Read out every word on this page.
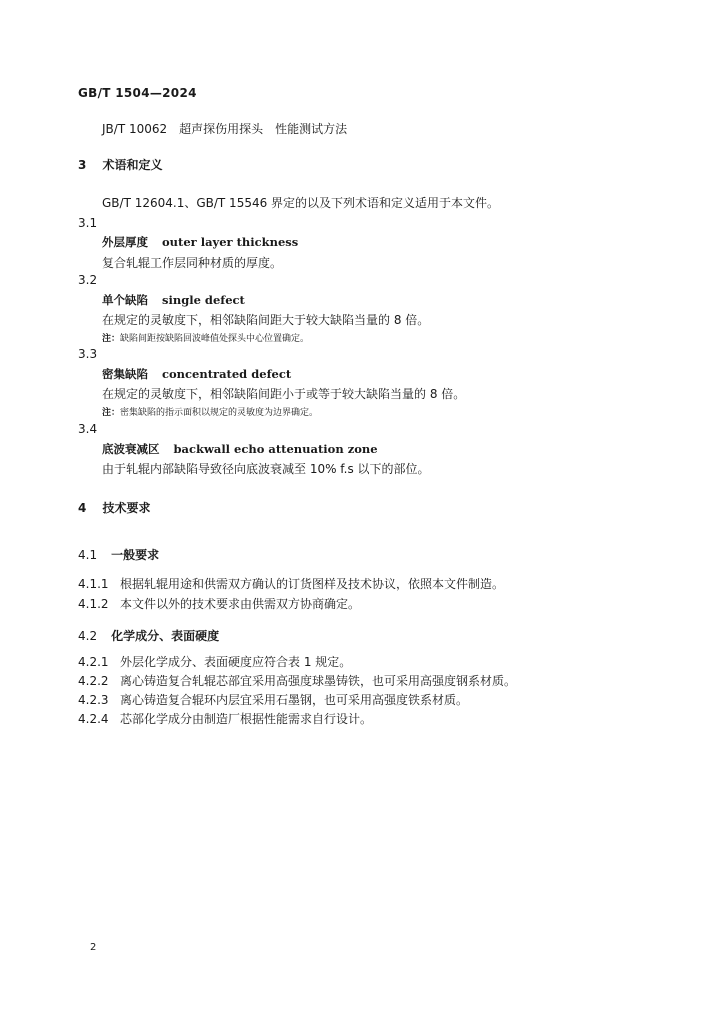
GB/T 1504—2024
JB/T 10062　超声探伤用探头　性能测试方法
3 术语和定义
GB/T 12604.1、GB/T 15546 界定的以及下列术语和定义适用于本文件。
3.1
外层厚度 outer layer thickness
复合轧辊工作层同种材质的厚度。
3.2
单个缺陷 single defect
在规定的灵敏度下，相邻缺陷间距大于较大缺陷当量的 8 倍。
注：缺陷间距按缺陷回波峰值处探头中心位置确定。
3.3
密集缺陷 concentrated defect
在规定的灵敏度下，相邻缺陷间距小于或等于较大缺陷当量的 8 倍。
注：密集缺陷的指示面积以规定的灵敏度为边界确定。
3.4
底波衰减区 backwall echo attenuation zone
由于轧辊内部缺陷导致径向底波衰减至 10% f.s 以下的部位。
4 技术要求
4.1 一般要求
4.1.1 根据轧辊用途和供需双方确认的订货图样及技术协议，依照本文件制造。
4.1.2 本文件以外的技术要求由供需双方协商确定。
4.2 化学成分、表面硬度
4.2.1 外层化学成分、表面硬度应符合表 1 规定。
4.2.2 离心铸造复合轧辊芯部宜采用高强度球墨铸铁，也可采用高强度钢系材质。
4.2.3 离心铸造复合辊环内层宜采用石墨钢，也可采用高强度铁系材质。
4.2.4 芯部化学成分由制造厂根据性能需求自行设计。
2
